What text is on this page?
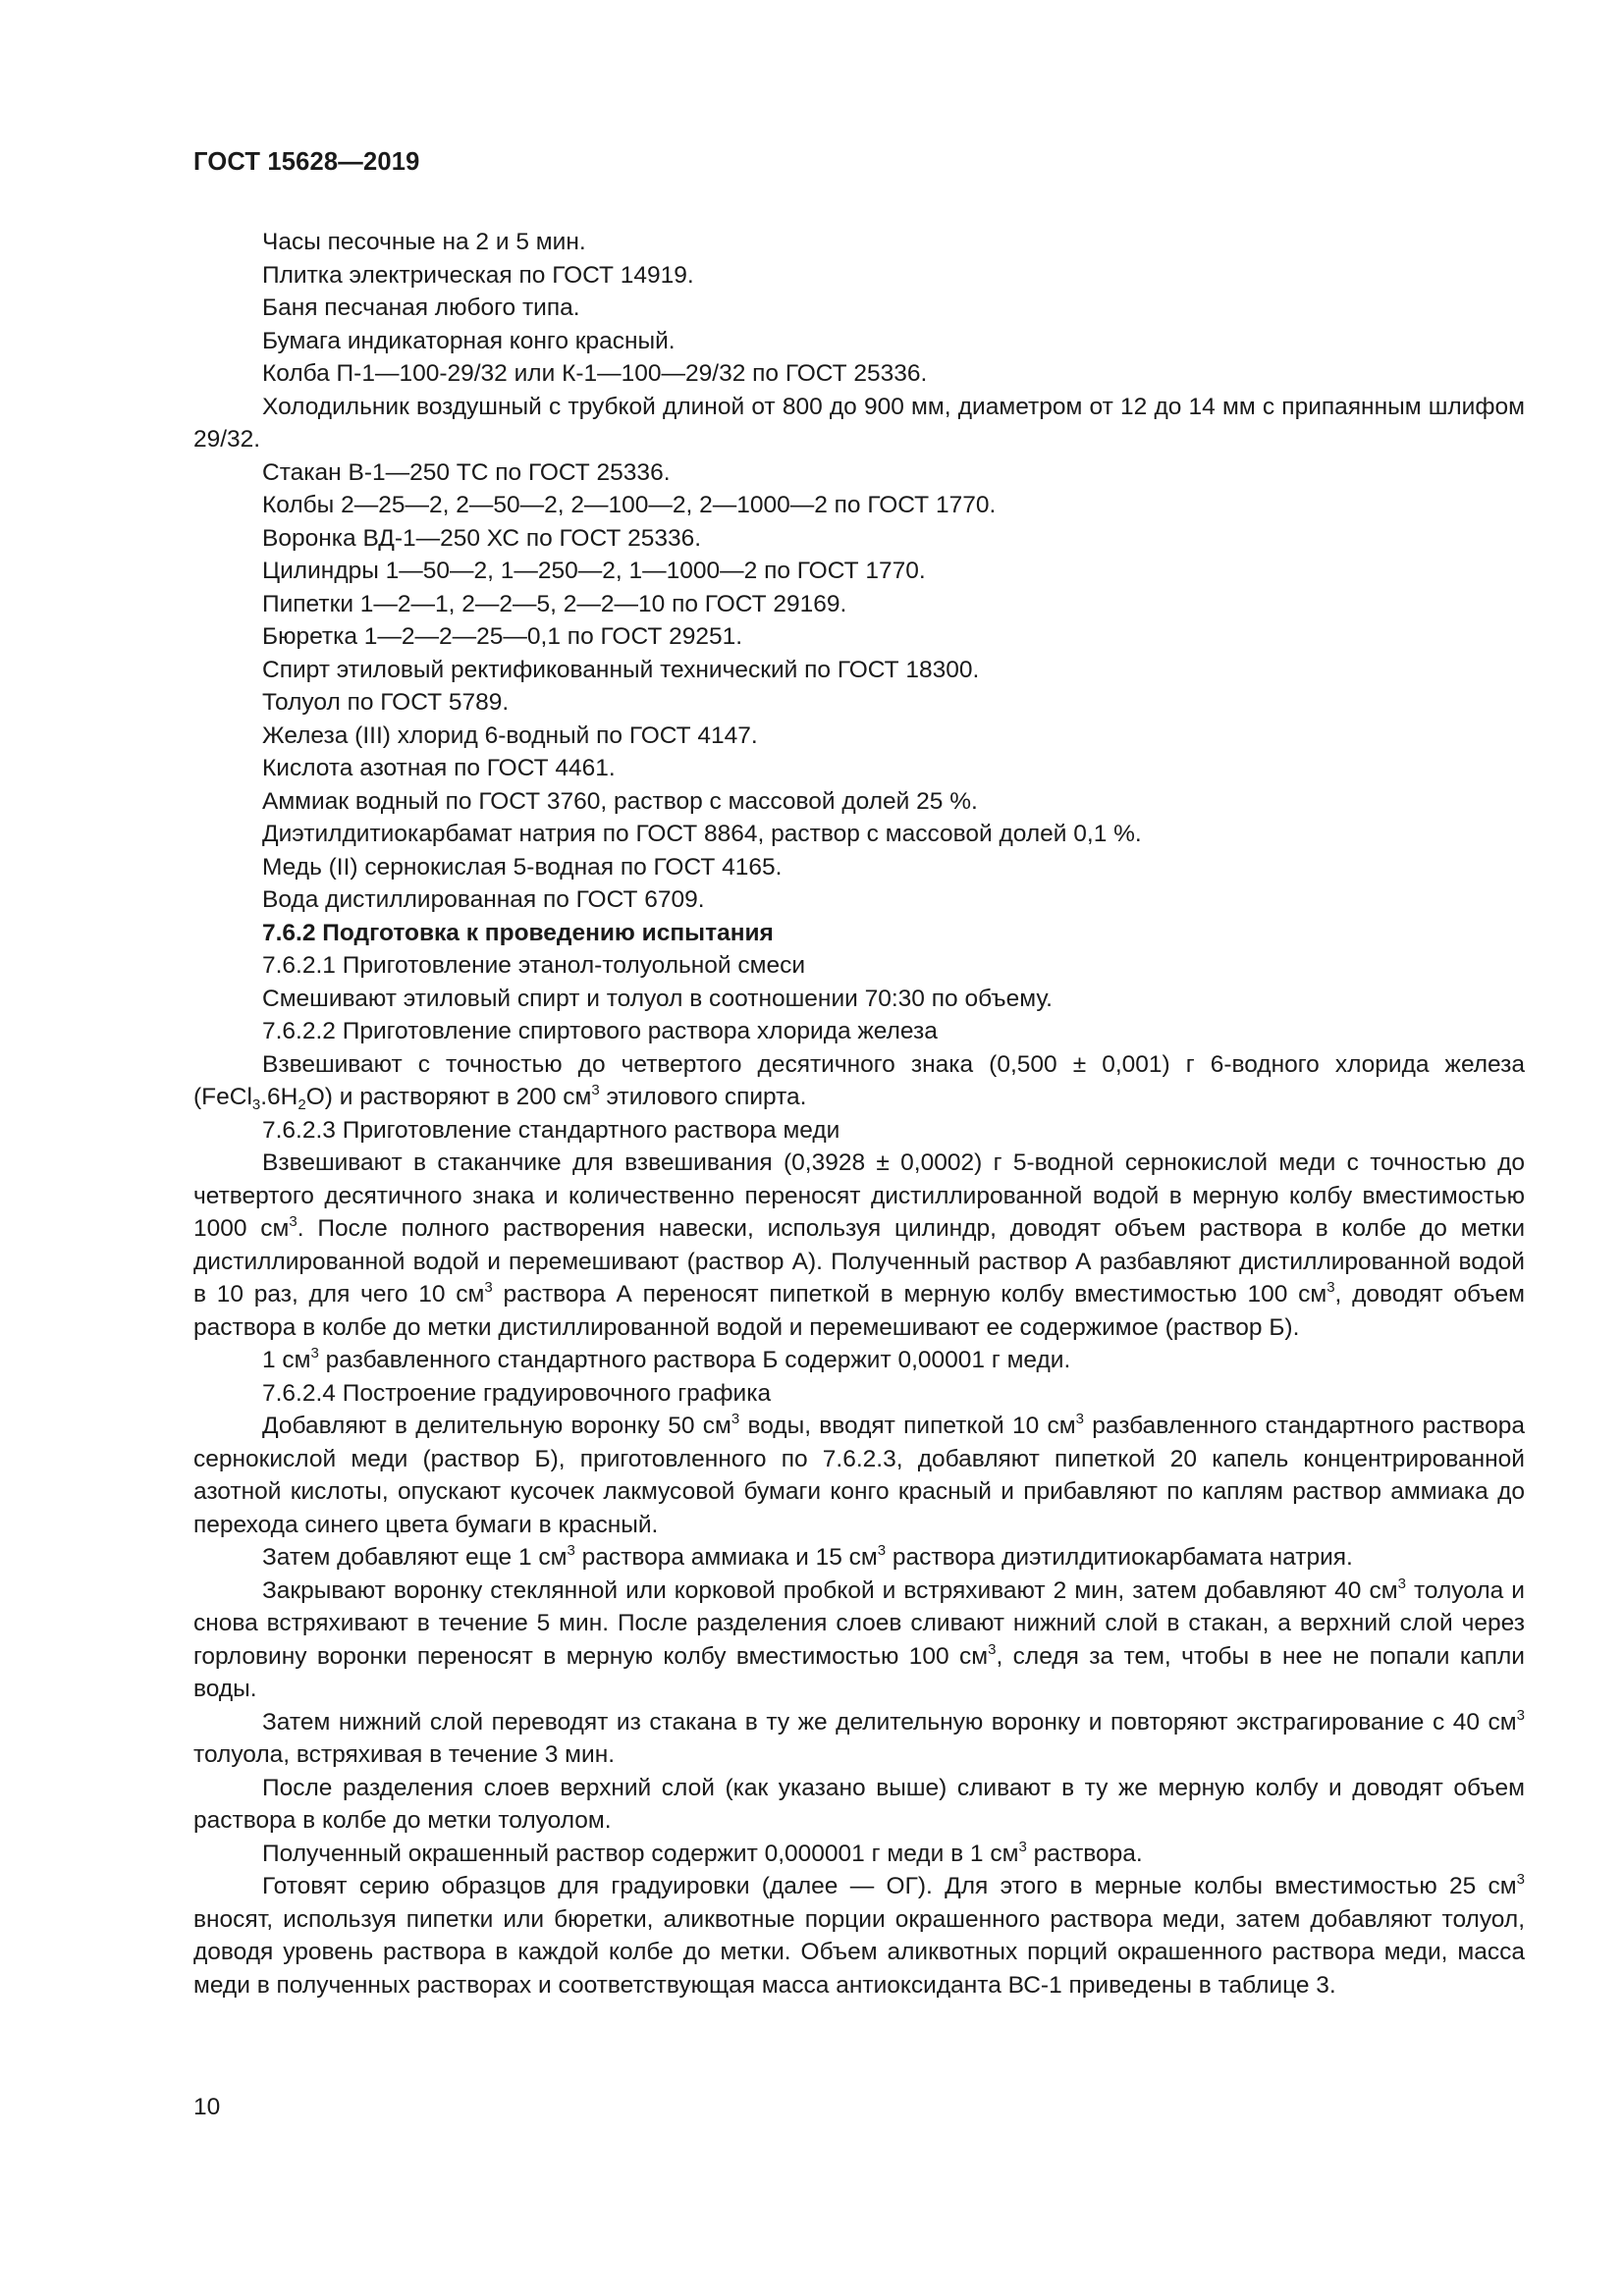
ГОСТ 15628—2019

Часы песочные на 2 и 5 мин.

Плитка электрическая по ГОСТ 14919.

Баня песчаная любого типа.

Бумага индикаторная конго красный.

Колба П-1—100-29/32 или К-1—100—29/32 по ГОСТ 25336.

Холодильник воздушный с трубкой длиной от 800 до 900 мм, диаметром от 12 до 14 мм с припаянным шлифом 29/32.

Стакан В-1—250 ТС по ГОСТ 25336.

Колбы 2—25—2, 2—50—2, 2—100—2, 2—1000—2 по ГОСТ 1770.

Воронка ВД-1—250 ХС по ГОСТ 25336.

Цилиндры 1—50—2, 1—250—2, 1—1000—2 по ГОСТ 1770.

Пипетки 1—2—1, 2—2—5, 2—2—10 по ГОСТ 29169.

Бюретка 1—2—2—25—0,1 по ГОСТ 29251.

Спирт этиловый ректификованный технический по ГОСТ 18300.

Толуол по ГОСТ 5789.

Железа (III) хлорид 6-водный по ГОСТ 4147.

Кислота азотная по ГОСТ 4461.

Аммиак водный по ГОСТ 3760, раствор с массовой долей 25 %.

Диэтилдитиокарбамат натрия по ГОСТ 8864, раствор с массовой долей 0,1 %.

Медь (II) сернокислая 5-водная по ГОСТ 4165.

Вода дистиллированная по ГОСТ 6709.

7.6.2 Подготовка к проведению испытания

7.6.2.1 Приготовление этанол-толуольной смеси

Смешивают этиловый спирт и толуол в соотношении 70:30 по объему.

7.6.2.2 Приготовление спиртового раствора хлорида железа

Взвешивают с точностью до четвертого десятичного знака (0,500 ± 0,001) г 6-водного хлорида железа $(FeCl_3.6H_2O)$ и растворяют в 200 $см^3$ этилового спирта.

7.6.2.3 Приготовление стандартного раствора меди

Взвешивают в стаканчике для взвешивания (0,3928 ± 0,0002) г 5-водной сернокислой меди с точностью до четвертого десятичного знака и количественно переносят дистиллированной водой в мерную колбу вместимостью 1000 $см^3$. После полного растворения навески, используя цилиндр, доводят объем раствора в колбе до метки дистиллированной водой и перемешивают (раствор А). Полученный раствор А разбавляют дистиллированной водой в 10 раз, для чего 10 $см^3$ раствора А переносят пипеткой в мерную колбу вместимостью 100 $см^3$, доводят объем раствора в колбе до метки дистиллированной водой и перемешивают ее содержимое (раствор Б).

1 $см^3$ разбавленного стандартного раствора Б содержит 0,00001 г меди.

7.6.2.4 Построение градуировочного графика

Добавляют в делительную воронку 50 $см^3$ воды, вводят пипеткой 10 $см^3$ разбавленного стандартного раствора сернокислой меди (раствор Б), приготовленного по 7.6.2.3, добавляют пипеткой 20 капель концентрированной азотной кислоты, опускают кусочек лакмусовой бумаги конго красный и прибавляют по каплям раствор аммиака до перехода синего цвета бумаги в красный.

Затем добавляют еще 1 $см^3$ раствора аммиака и 15 $см^3$ раствора диэтилдитиокарбамата натрия.

Закрывают воронку стеклянной или корковой пробкой и встряхивают 2 мин, затем добавляют 40 $см^3$ толуола и снова встряхивают в течение 5 мин. После разделения слоев сливают нижний слой в стакан, а верхний слой через горловину воронки переносят в мерную колбу вместимостью 100 $см^3$, следя за тем, чтобы в нее не попали капли воды.

Затем нижний слой переводят из стакана в ту же делительную воронку и повторяют экстрагирование с 40 $см^3$ толуола, встряхивая в течение 3 мин.

После разделения слоев верхний слой (как указано выше) сливают в ту же мерную колбу и доводят объем раствора в колбе до метки толуолом.

Полученный окрашенный раствор содержит 0,000001 г меди в 1 $см^3$ раствора.

Готовят серию образцов для градуировки (далее — ОГ). Для этого в мерные колбы вместимостью 25 $см^3$ вносят, используя пипетки или бюретки, аликвотные порции окрашенного раствора меди, затем добавляют толуол, доводя уровень раствора в каждой колбе до метки. Объем аликвотных порций окрашенного раствора меди, масса меди в полученных растворах и соответствующая масса антиоксиданта ВС-1 приведены в таблице 3.

10
